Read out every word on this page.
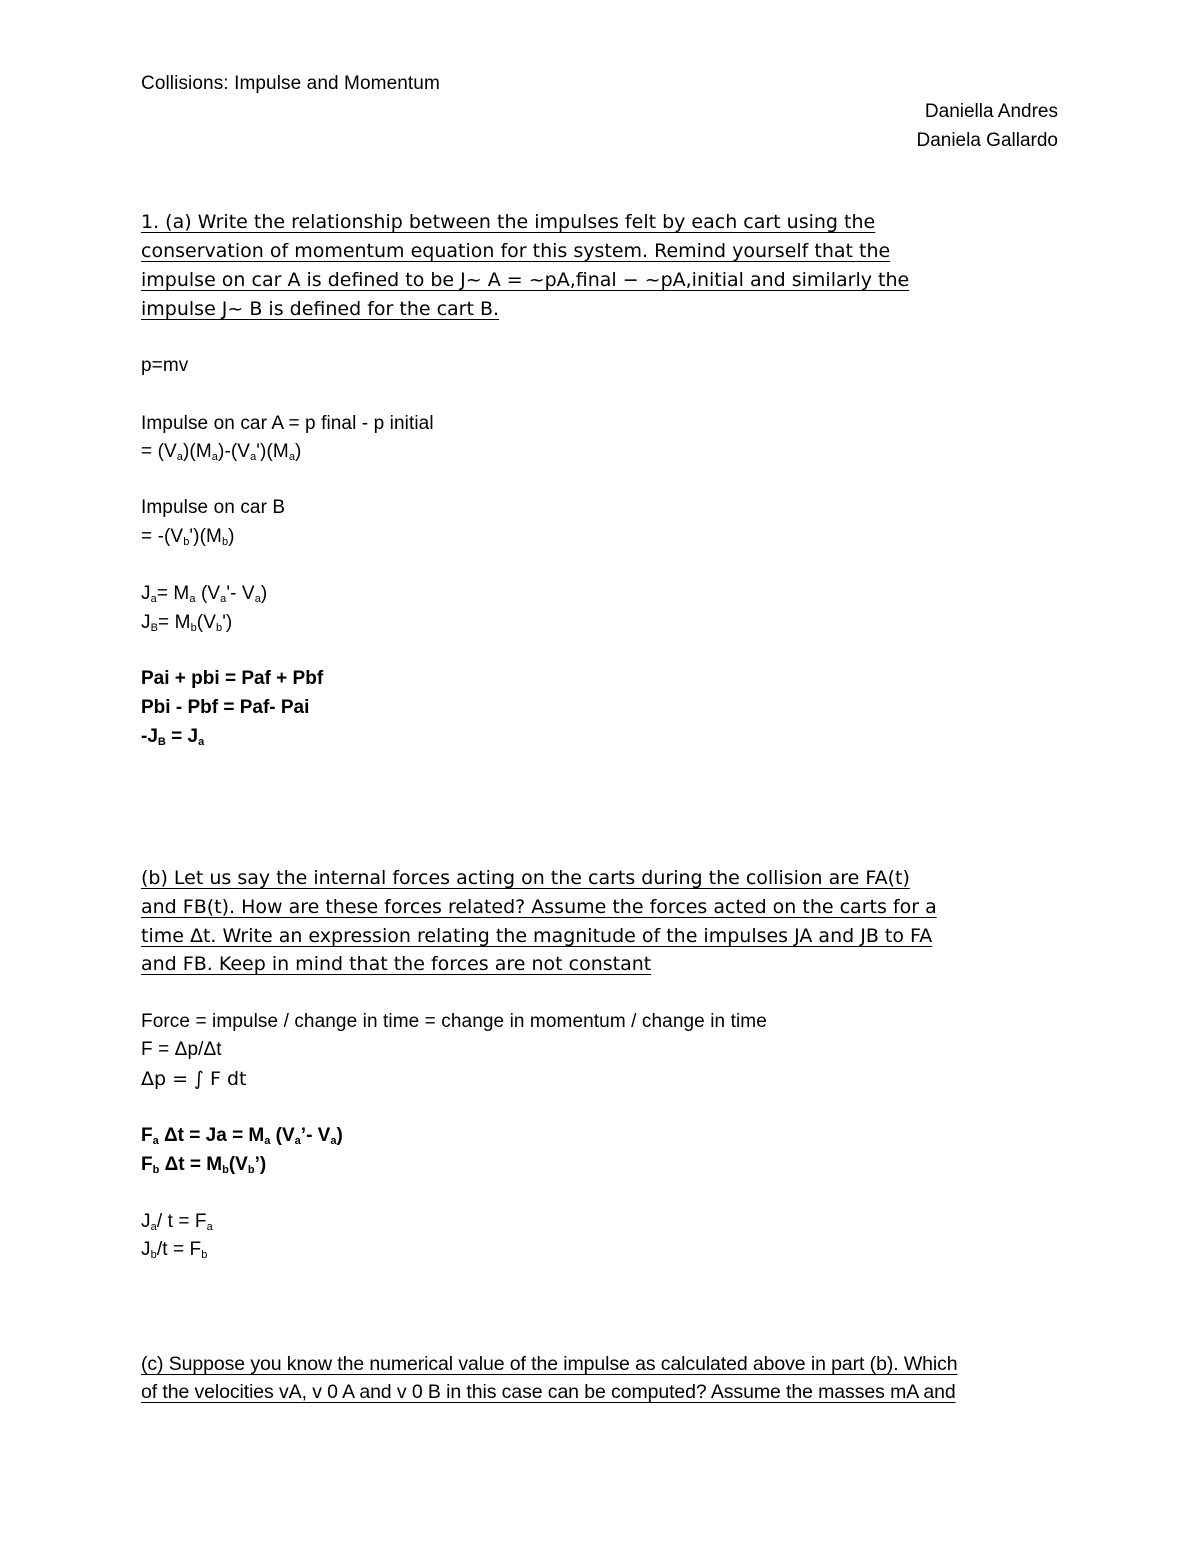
Collisions: Impulse and Momentum
Daniella Andres
Daniela Gallardo
1. (a) Write the relationship between the impulses felt by each cart using the
conservation of momentum equation for this system. Remind yourself that the
impulse on car A is defined to be J~ A = ~pA,final − ~pA,initial and similarly the
impulse J~ B is defined for the cart B.
p=mv
Impulse on car A = p final - p initial
= $(V_a)(M_a)-(V_a')(M_a)$
Impulse on car B
= $-(V_b')(M_b)$
$J_a= M_a$ ($V_a'-$ $V_a$)
$J_B= M_b(V_b')$
Pai + pbi = Paf + Pbf
Pbi - Pbf = Paf- Pai
$-J_B = J_a$
(b) Let us say the internal forces acting on the carts during the collision are FA(t)
and FB(t). How are these forces related? Assume the forces acted on the carts for a
time Δt. Write an expression relating the magnitude of the impulses JA and JB to FA
and FB. Keep in mind that the forces are not constant
Force = impulse / change in time = change in momentum / change in time
F = Δp/Δt
Δp = ∫ F dt
$F_a$ $\Delta t = Ja = M_a$ ($V_a’-$ $V_a$)
$F_b$ $\Delta t = M_b(V_b’)$
$J_a/$ $t = F_a$
$J_b/t = F_b$
(c) Suppose you know the numerical value of the impulse as calculated above in part (b). Which
of the velocities vA, v 0 A and v 0 B in this case can be computed? Assume the masses mA and
